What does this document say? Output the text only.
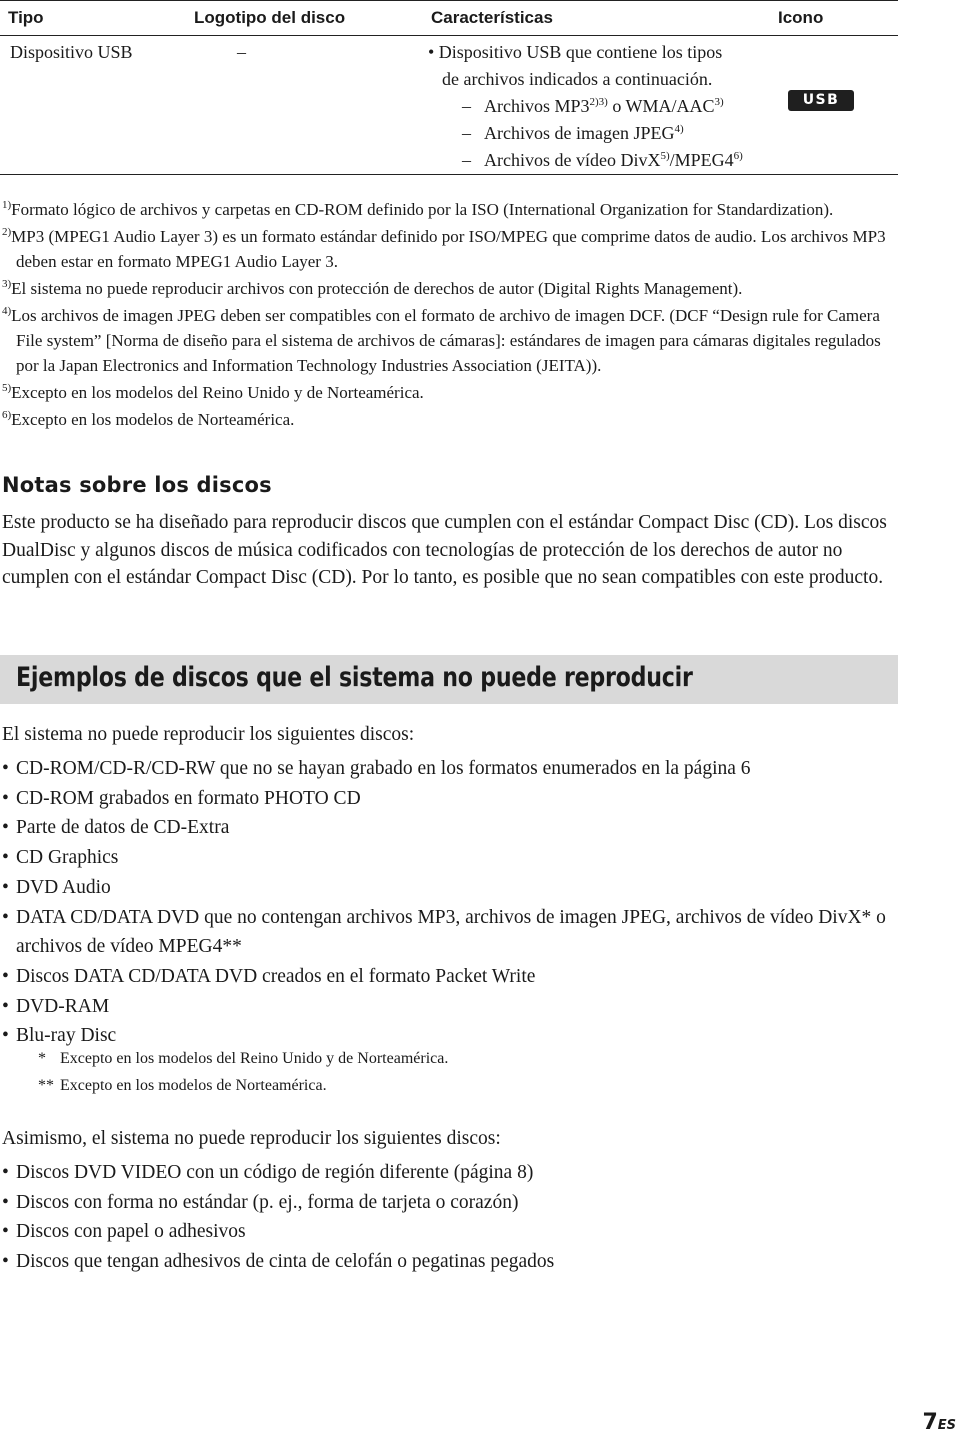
Tipo	Logotipo del disco	Características	Icono
Dispositivo USB	–	• Dispositivo USB que contiene los tipos
de archivos indicados a continuación.
– Archivos $MP3^{2)3)}$ o WMA/AAC$^{3)}$
– Archivos de imagen JPEG$^{4)}$
– Archivos de vídeo DivX$^{5)}$/MPEG4$^{6)}$
USB
$^{1)}$Formato lógico de archivos y carpetas en CD-ROM definido por la ISO (International Organization for Standardization).
$^{2)}$MP3 (MPEG1 Audio Layer 3) es un formato estándar definido por ISO/MPEG que comprime datos de audio. Los archivos MP3 deben estar en formato MPEG1 Audio Layer 3.
$^{3)}$El sistema no puede reproducir archivos con protección de derechos de autor (Digital Rights Management).
$^{4)}$Los archivos de imagen JPEG deben ser compatibles con el formato de archivo de imagen DCF. (DCF “Design rule for Camera File system” [Norma de diseño para el sistema de archivos de cámaras]: estándares de imagen para cámaras digitales regulados por la Japan Electronics and Information Technology Industries Association (JEITA)).
$^{5)}$Excepto en los modelos del Reino Unido y de Norteamérica.
$^{6)}$Excepto en los modelos de Norteamérica.
Notas sobre los discos

Este producto se ha diseñado para reproducir discos que cumplen con el estándar Compact Disc (CD). Los discos DualDisc y algunos discos de música codificados con tecnologías de protección de los derechos de autor no cumplen con el estándar Compact Disc (CD). Por lo tanto, es posible que no sean compatibles con este producto.

Ejemplos de discos que el sistema no puede reproducir

El sistema no puede reproducir los siguientes discos:

• CD-ROM/CD-R/CD-RW que no se hayan grabado en los formatos enumerados en la página 6
• CD-ROM grabados en formato PHOTO CD
• Parte de datos de CD-Extra
• CD Graphics
• DVD Audio
• DATA CD/DATA DVD que no contengan archivos MP3, archivos de imagen JPEG, archivos de vídeo DivX* o archivos de vídeo MPEG4**
• Discos DATA CD/DATA DVD creados en el formato Packet Write
• DVD-RAM
• Blu-ray Disc
* Excepto en los modelos del Reino Unido y de Norteamérica.
** Excepto en los modelos de Norteamérica.

Asimismo, el sistema no puede reproducir los siguientes discos:

• Discos DVD VIDEO con un código de región diferente (página 8)
• Discos con forma no estándar (p. ej., forma de tarjeta o corazón)
• Discos con papel o adhesivos
• Discos que tengan adhesivos de cinta de celofán o pegatinas pegados
7ES
